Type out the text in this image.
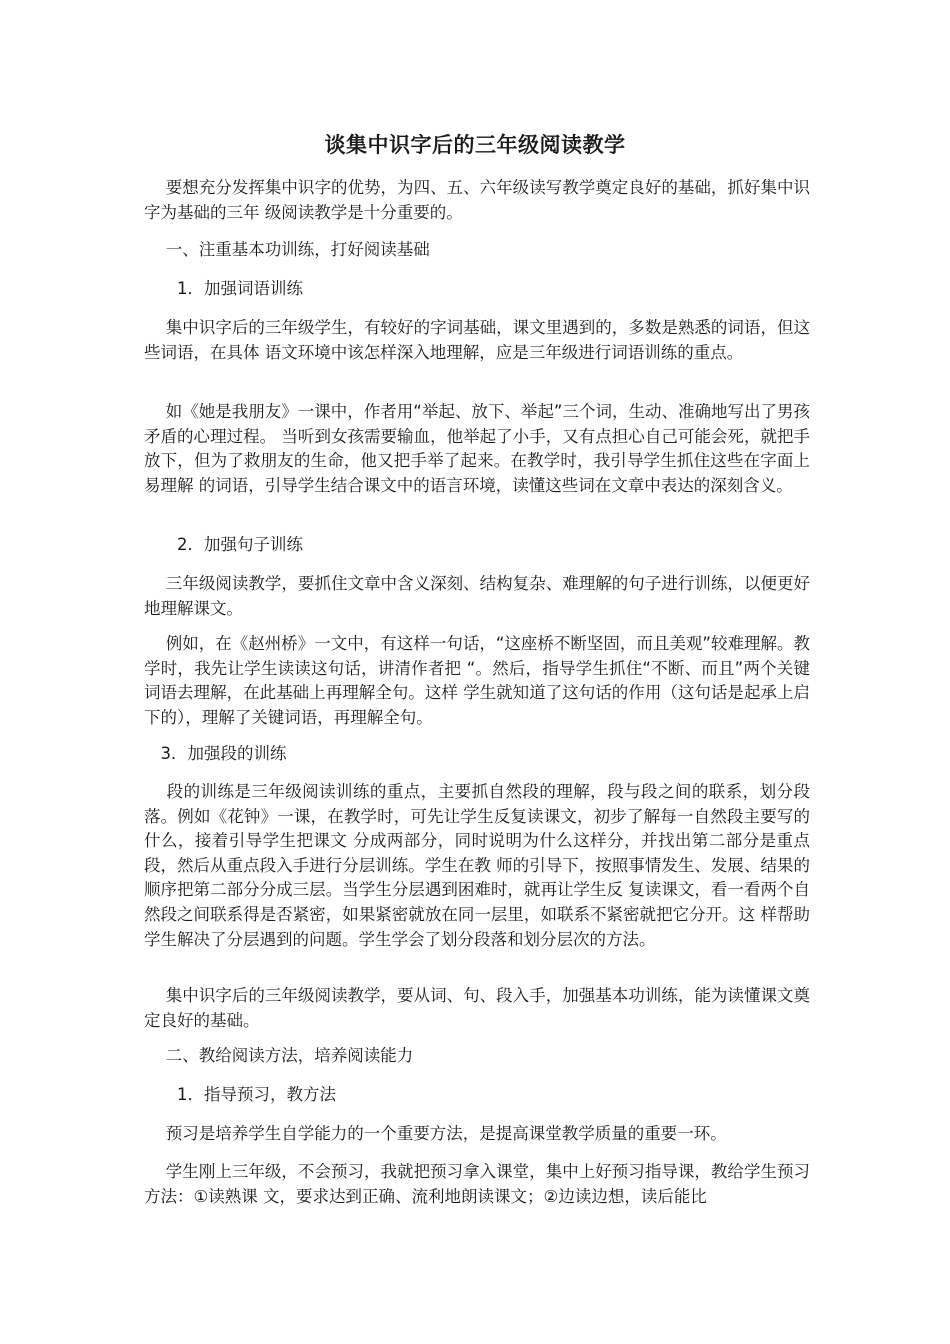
谈集中识字后的三年级阅读教学

　 要想充分发挥集中识字的优势，为四、五、六年级读写教学奠定良好的基础，抓好集中识字为基础的三年 级阅读教学是十分重要的。

　 一、注重基本功训练，打好阅读基础

　　1．加强词语训练

　 集中识字后的三年级学生，有较好的字词基础，课文里遇到的，多数是熟悉的词语，但这些词语，在具体 语文环境中该怎样深入地理解，应是三年级进行词语训练的重点。

　 如《她是我朋友》一课中，作者用“举起、放下、举起”三个词，生动、准确地写出了男孩矛盾的心理过程。 当听到女孩需要输血，他举起了小手，又有点担心自己可能会死，就把手放下，但为了救朋友的生命，他又把手举了起来。在教学时，我引导学生抓住这些在字面上易理解 的词语，引导学生结合课文中的语言环境，读懂这些词在文章中表达的深刻含义。

　　2．加强句子训练

　 三年级阅读教学，要抓住文章中含义深刻、结构复杂、难理解的句子进行训练，以便更好地理解课文。

　 例如，在《赵州桥》一文中，有这样一句话，“这座桥不断坚固，而且美观”较难理解。教学时，我先让学生读读这句话，讲清作者把 “。然后，指导学生抓住“不断、而且”两个关键词语去理解，在此基础上再理解全句。这样 学生就知道了这句话的作用（这句话是起承上启下的），理解了关键词语，再理解全句。

　3．加强段的训练

　 段的训练是三年级阅读训练的重点，主要抓自然段的理解，段与段之间的联系，划分段落。例如《花钟》一课，在教学时，可先让学生反复读课文，初步了解每一自然段主要写的什么，接着引导学生把课文 分成两部分，同时说明为什么这样分，并找出第二部分是重点段，然后从重点段入手进行分层训练。学生在教 师的引导下，按照事情发生、发展、结果的顺序把第二部分分成三层。当学生分层遇到困难时，就再让学生反 复读课文，看一看两个自然段之间联系得是否紧密，如果紧密就放在同一层里，如联系不紧密就把它分开。这 样帮助学生解决了分层遇到的问题。学生学会了划分段落和划分层次的方法。

　 集中识字后的三年级阅读教学，要从词、句、段入手，加强基本功训练，能为读懂课文奠定良好的基础。

　 二、教给阅读方法，培养阅读能力

　　1．指导预习，教方法

　 预习是培养学生自学能力的一个重要方法，是提高课堂教学质量的重要一环。

　 学生刚上三年级，不会预习，我就把预习拿入课堂，集中上好预习指导课，教给学生预习方法：①读熟课 文，要求达到正确、流利地朗读课文；②边读边想，读后能比
